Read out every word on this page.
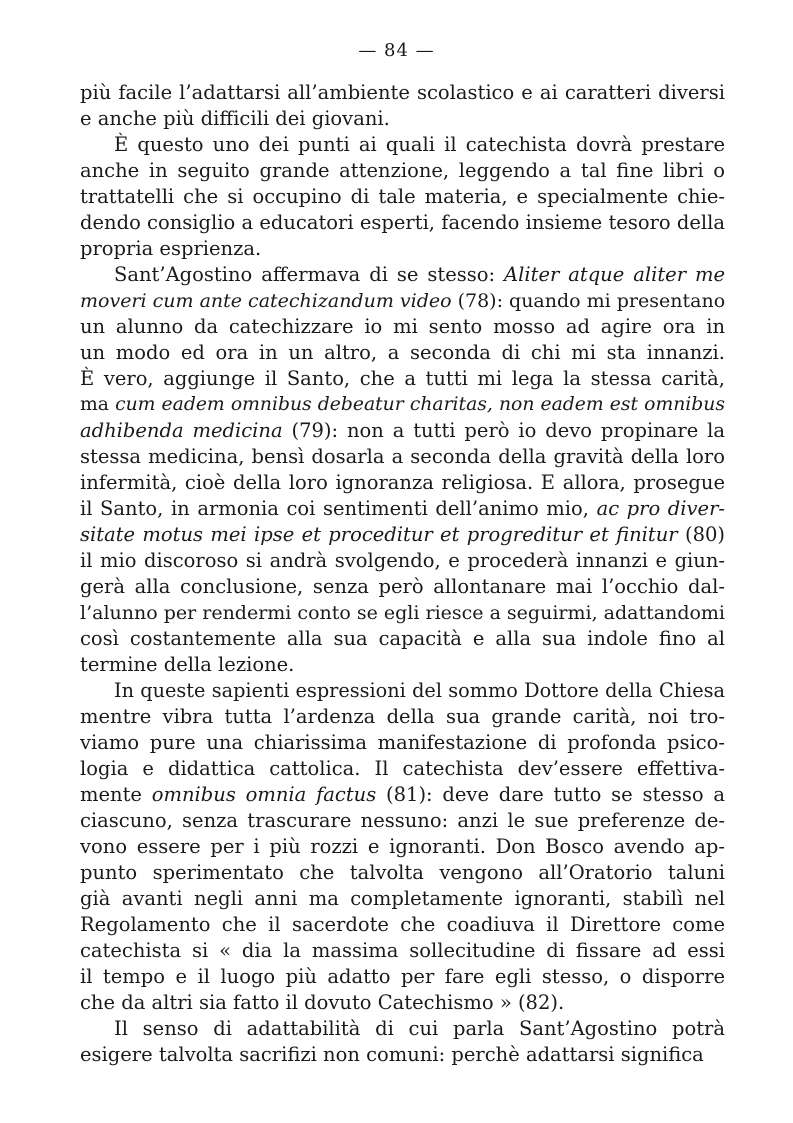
— 84 —
più facile l’adattarsi all’ambiente scolastico e ai caratteri diversi
e anche più difficili dei giovani.
È questo uno dei punti ai quali il catechista dovrà prestare
anche in seguito grande attenzione, leggendo a tal fine libri o
trattatelli che si occupino di tale materia, e specialmente chie-
dendo consiglio a educatori esperti, facendo insieme tesoro della
propria esprienza.
Sant’Agostino affermava di se stesso: Aliter atque aliter me
moveri cum ante catechizandum video (78): quando mi presentano
un alunno da catechizzare io mi sento mosso ad agire ora in
un modo ed ora in un altro, a seconda di chi mi sta innanzi.
È vero, aggiunge il Santo, che a tutti mi lega la stessa carità,
ma cum eadem omnibus debeatur charitas, non eadem est omnibus
adhibenda medicina (79): non a tutti però io devo propinare la
stessa medicina, bensì dosarla a seconda della gravità della loro
infermità, cioè della loro ignoranza religiosa. E allora, prosegue
il Santo, in armonia coi sentimenti dell’animo mio, ac pro diver-
sitate motus mei ipse et proceditur et progreditur et finitur (80)
il mio discoroso si andrà svolgendo, e procederà innanzi e giun-
gerà alla conclusione, senza però allontanare mai l’occhio dal-
l’alunno per rendermi conto se egli riesce a seguirmi, adattandomi
così costantemente alla sua capacità e alla sua indole fino al
termine della lezione.
In queste sapienti espressioni del sommo Dottore della Chiesa
mentre vibra tutta l’ardenza della sua grande carità, noi tro-
viamo pure una chiarissima manifestazione di profonda psico-
logia e didattica cattolica. Il catechista dev’essere effettiva-
mente omnibus omnia factus (81): deve dare tutto se stesso a
ciascuno, senza trascurare nessuno: anzi le sue preferenze de-
vono essere per i più rozzi e ignoranti. Don Bosco avendo ap-
punto sperimentato che talvolta vengono all’Oratorio taluni
già avanti negli anni ma completamente ignoranti, stabilì nel
Regolamento che il sacerdote che coadiuva il Direttore come
catechista si « dia la massima sollecitudine di fissare ad essi
il tempo e il luogo più adatto per fare egli stesso, o disporre
che da altri sia fatto il dovuto Catechismo » (82).
Il senso di adattabilità di cui parla Sant’Agostino potrà
esigere talvolta sacrifizi non comuni: perchè adattarsi significa
